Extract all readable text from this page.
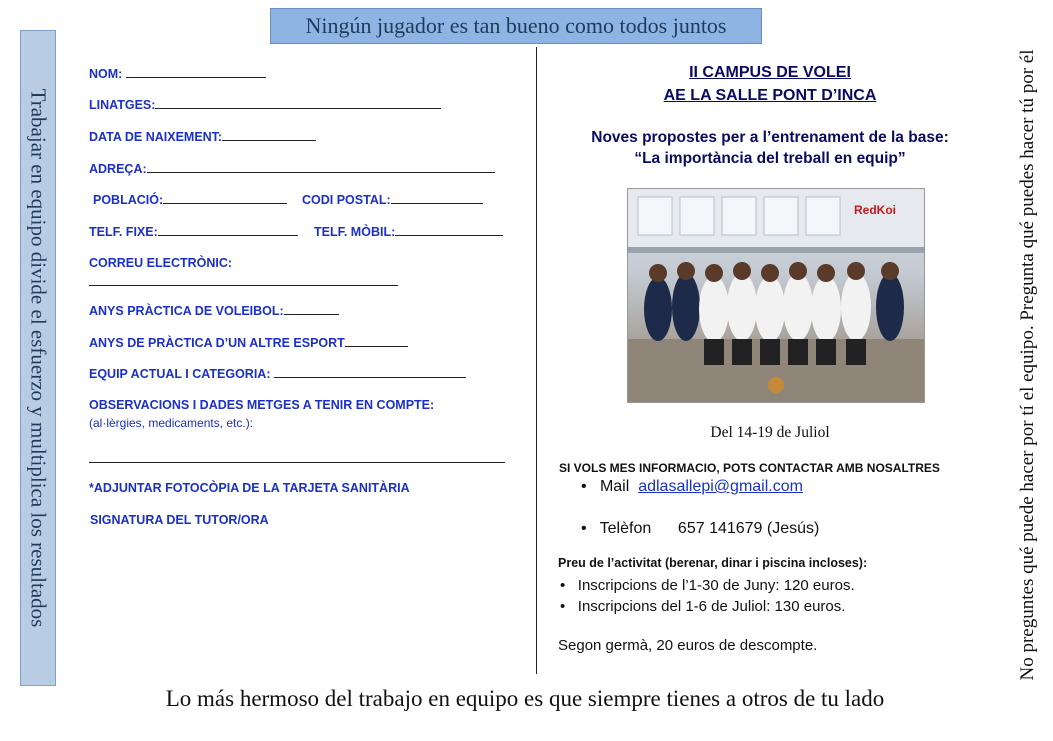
Ningún jugador es tan bueno como todos juntos
Trabajar en equipo divide el esfuerzo y multiplica los resultados	No preguntes qué puede hacer por tí el equipo. Pregunta qué puedes hacer tú por él
Lo más hermoso del trabajo en equipo es que siempre tienes a otros de tu lado
NOM:
LINATGES:
DATA DE NAIXEMENT:
ADREÇA:
POBLACIÓ:	CODI POSTAL:
TELF. FIXE:	TELF. MÒBIL:
CORREU ELECTRÒNIC:
ANYS PRÀCTICA DE VOLEIBOL:
ANYS DE PRÀCTICA D’UN ALTRE ESPORT
EQUIP ACTUAL I CATEGORIA:
OBSERVACIONS I DADES METGES A TENIR EN COMPTE:
(al·lèrgies, medicaments, etc.):
*ADJUNTAR FOTOCÒPIA DE LA TARJETA SANITÀRIA
SIGNATURA DEL TUTOR/ORA
II CAMPUS DE VOLEI
AE LA SALLE PONT D’INCA
Noves propostes per a l’entrenament de la base:
“La importància del treball en equip”
RedKoi
Del 14-19 de Juliol
SI VOLS MES INFORMACIO, POTS CONTACTAR AMB NOSALTRES
• Mail adlasallepi@gmail.com
• Telèfon 657 141679 (Jesús)
Preu de l’activitat (berenar, dinar i piscina incloses):
• Inscripcions de l’1-30 de Juny: 120 euros.
• Inscripcions del 1-6 de Juliol: 130 euros.
Segon germà, 20 euros de descompte.
